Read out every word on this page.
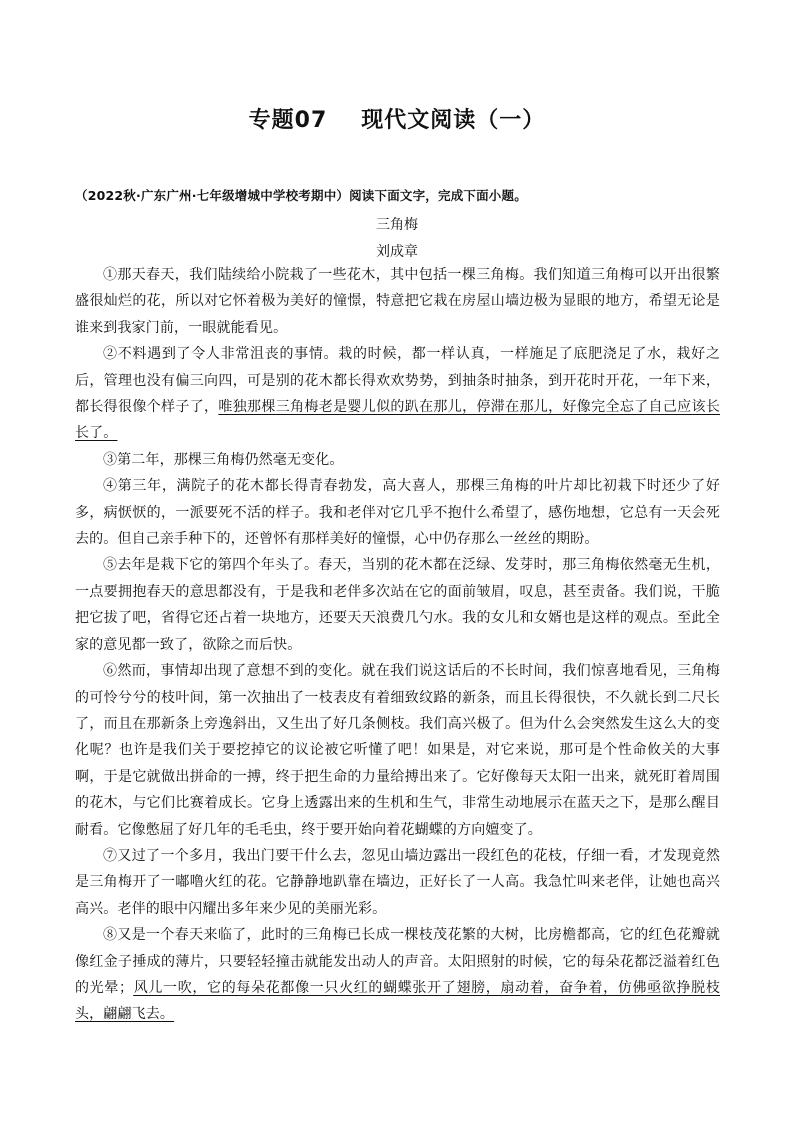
专题07 现代文阅读（一）
（2022秋·广东广州·七年级增城中学校考期中）阅读下面文字，完成下面小题。
三角梅
刘成章

①那天春天，我们陆续给小院栽了一些花木，其中包括一棵三角梅。我们知道三角梅可以开出很繁盛很灿烂的花，所以对它怀着极为美好的憧憬，特意把它栽在房屋山墙边极为显眼的地方，希望无论是谁来到我家门前，一眼就能看见。

②不料遇到了令人非常沮丧的事情。栽的时候，都一样认真，一样施足了底肥浇足了水，栽好之后，管理也没有偏三向四，可是别的花木都长得欢欢势势，到抽条时抽条，到开花时开花，一年下来，都长得很像个样子了，唯独那棵三角梅老是婴儿似的趴在那儿，停滞在那儿，好像完全忘了自己应该长长了。

③第二年，那棵三角梅仍然毫无变化。

④第三年，满院子的花木都长得青春勃发，高大喜人，那棵三角梅的叶片却比初栽下时还少了好多，病恹恹的，一派要死不活的样子。我和老伴对它几乎不抱什么希望了，感伤地想，它总有一天会死去的。但自己亲手种下的，还曾怀有那样美好的憧憬，心中仍存那么一丝丝的期盼。

⑤去年是栽下它的第四个年头了。春天，当别的花木都在泛绿、发芽时，那三角梅依然毫无生机，一点要拥抱春天的意思都没有，于是我和老伴多次站在它的面前皱眉，叹息，甚至责备。我们说，干脆把它拔了吧，省得它还占着一块地方，还要天天浪费几勺水。我的女儿和女婿也是这样的观点。至此全家的意见都一致了，欲除之而后快。

⑥然而，事情却出现了意想不到的变化。就在我们说这话后的不长时间，我们惊喜地看见，三角梅的可怜兮兮的枝叶间，第一次抽出了一枝表皮有着细致纹路的新条，而且长得很快，不久就长到二尺长了，而且在那新条上旁逸斜出，又生出了好几条侧枝。我们高兴极了。但为什么会突然发生这么大的变化呢？也许是我们关于要挖掉它的议论被它听懂了吧！如果是，对它来说，那可是个性命攸关的大事啊，于是它就做出拼命的一搏，终于把生命的力量给搏出来了。它好像每天太阳一出来，就死盯着周围的花木，与它们比赛着成长。它身上透露出来的生机和生气，非常生动地展示在蓝天之下，是那么醒目耐看。它像憋屈了好几年的毛毛虫，终于要开始向着花蝴蝶的方向嬗变了。

⑦又过了一个多月，我出门要干什么去，忽见山墙边露出一段红色的花枝，仔细一看，才发现竟然是三角梅开了一嘟噜火红的花。它静静地趴靠在墙边，正好长了一人高。我急忙叫来老伴，让她也高兴高兴。老伴的眼中闪耀出多年来少见的美丽光彩。

⑧又是一个春天来临了，此时的三角梅已长成一棵枝茂花繁的大树，比房檐都高，它的红色花瓣就像红金子捶成的薄片，只要轻轻撞击就能发出动人的声音。太阳照射的时候，它的每朵花都泛溢着红色的光晕；风儿一吹，它的每朵花都像一只火红的蝴蝶张开了翅膀，扇动着，奋争着，仿佛亟欲挣脱枝头，翩翩飞去。
